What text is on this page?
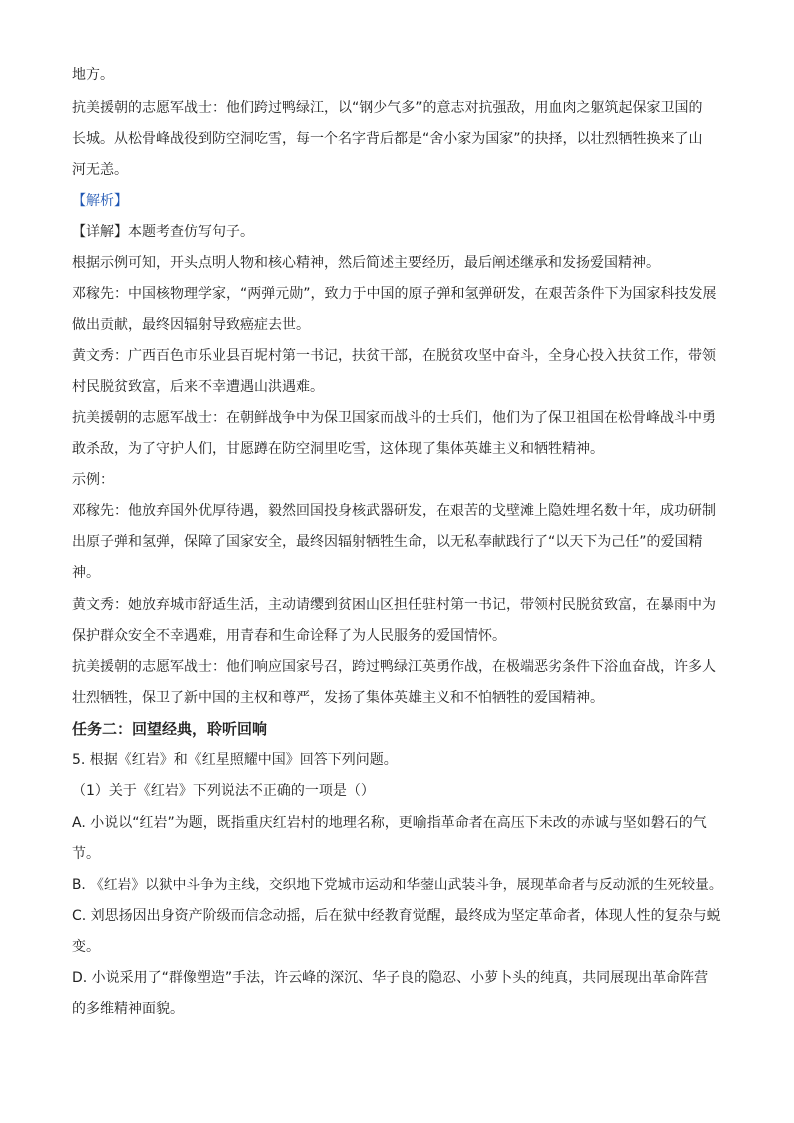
地方。
抗美援朝的志愿军战士：他们跨过鸭绿江，以“钢少气多”的意志对抗强敌，用血肉之躯筑起保家卫国的
长城。从松骨峰战役到防空洞吃雪，每一个名字背后都是“舍小家为国家”的抉择，以壮烈牺牲换来了山
河无恙。
【解析】
【详解】本题考查仿写句子。
根据示例可知，开头点明人物和核心精神，然后简述主要经历，最后阐述继承和发扬爱国精神。
邓稼先：中国核物理学家，“两弹元勋”，致力于中国的原子弹和氢弹研发，在艰苦条件下为国家科技发展
做出贡献，最终因辐射导致癌症去世。
黄文秀：广西百色市乐业县百坭村第一书记，扶贫干部，在脱贫攻坚中奋斗，全身心投入扶贫工作，带领
村民脱贫致富，后来不幸遭遇山洪遇难。
抗美援朝的志愿军战士：在朝鲜战争中为保卫国家而战斗的士兵们，他们为了保卫祖国在松骨峰战斗中勇
敢杀敌，为了守护人们，甘愿蹲在防空洞里吃雪，这体现了集体英雄主义和牺牲精神。
示例：
邓稼先：他放弃国外优厚待遇，毅然回国投身核武器研发，在艰苦的戈壁滩上隐姓埋名数十年，成功研制
出原子弹和氢弹，保障了国家安全，最终因辐射牺牲生命，以无私奉献践行了“以天下为己任”的爱国精
神。
黄文秀：她放弃城市舒适生活，主动请缨到贫困山区担任驻村第一书记，带领村民脱贫致富，在暴雨中为
保护群众安全不幸遇难，用青春和生命诠释了为人民服务的爱国情怀。
抗美援朝的志愿军战士：他们响应国家号召，跨过鸭绿江英勇作战，在极端恶劣条件下浴血奋战，许多人
壮烈牺牲，保卫了新中国的主权和尊严，发扬了集体英雄主义和不怕牺牲的爱国精神。
任务二：回望经典，聆听回响
5. 根据《红岩》和《红星照耀中国》回答下列问题。
（1）关于《红岩》下列说法不正确的一项是（）
A. 小说以“红岩”为题，既指重庆红岩村的地理名称，更喻指革命者在高压下未改的赤诚与坚如磐石的气
节。
B. 《红岩》以狱中斗争为主线，交织地下党城市运动和华蓥山武装斗争，展现革命者与反动派的生死较量。
C. 刘思扬因出身资产阶级而信念动摇，后在狱中经教育觉醒，最终成为坚定革命者，体现人性的复杂与蜕
变。
D. 小说采用了“群像塑造”手法，许云峰的深沉、华子良的隐忍、小萝卜头的纯真，共同展现出革命阵营
的多维精神面貌。
